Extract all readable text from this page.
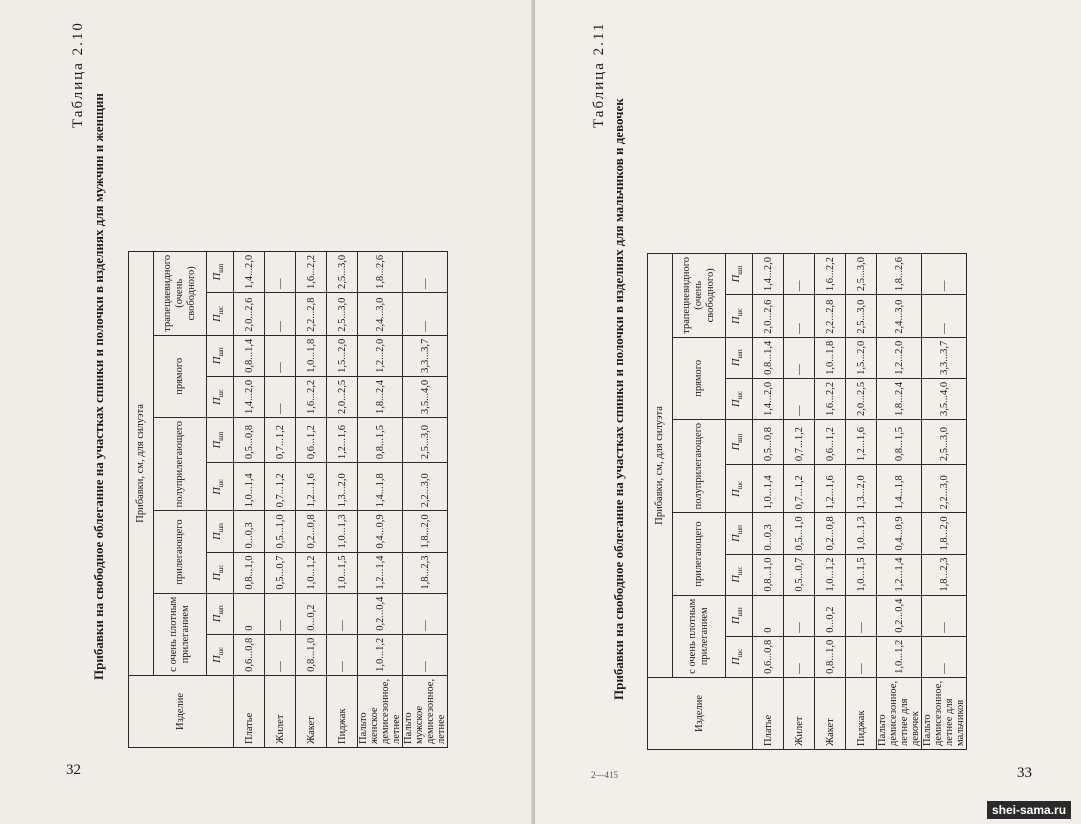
Таблица 2.10
Прибавки на свободное облегание на участках спинки и полочки в изделиях для мужчин и женщин
Изделие	Прибавки, см, для силуэта									
	с очень плотным прилеганием		прилегающего		полуприлегающего		прямого		трапециевидного (очень свободного)	
	$П_{шс}$	$П_{шп}$	$П_{шс}$	$П_{шп}$	$П_{шс}$	$П_{шп}$	$П_{шс}$	$П_{шп}$	$П_{шс}$	$П_{шп}$
Платье	0,6...0,8	0	0,8...1,0	0...0,3	1,0...1,4	0,5...0,8	1,4...2,0	0,8...1,4	2,0...2,6	1,4...2,0
Жилет	—	—	0,5...0,7	0,5...1,0	0,7...1,2	0,7...1,2	—	—	—	—
Жакет	0,8...1,0	0...0,2	1,0...1,2	0,2...0,8	1,2...1,6	0,6...1,2	1,6...2,2	1,0...1,8	2,2...2,8	1,6...2,2
Пиджак	—	—	1,0...1,5	1,0...1,3	1,3...2,0	1,2...1,6	2,0...2,5	1,5...2,0	2,5...3,0	2,5...3,0
Пальто женское демисезонное, летнее	1,0...1,2	0,2...0,4	1,2...1,4	0,4...0,9	1,4...1,8	0,8...1,5	1,8...2,4	1,2...2,0	2,4...3,0	1,8...2,6
Пальто мужское демисезонное, летнее	—	—	1,8...2,3	1,8...2,0	2,2...3,0	2,5...3,0	3,5...4,0	3,3...3,7	—	—
32
Таблица 2.11
Прибавки на свободное облегание на участках спинки и полочки в изделиях для мальчиков и девочек
Изделие	Прибавки, см, для силуэта									
	с очень плотным прилеганием		прилегающего		полуприлегающего		прямого		трапециевидного (очень свободного)	
	$П_{шс}$	$П_{шп}$	$П_{шс}$	$П_{шп}$	$П_{шс}$	$П_{шп}$	$П_{шс}$	$П_{шп}$	$П_{шс}$	$П_{шп}$
Платье	0,6...0,8	0	0,8...1,0	0...0,3	1,0...1,4	0,5...0,8	1,4...2,0	0,8...1,4	2,0...2,6	1,4...2,0
Жилет	—	—	0,5...0,7	0,5...1,0	0,7...1,2	0,7...1,2	—	—	—	—
Жакет	0,8...1,0	0...0,2	1,0...1,2	0,2...0,8	1,2...1,6	0,6...1,2	1,6...2,2	1,0...1,8	2,2...2,8	1,6...2,2
Пиджак	—	—	1,0...1,5	1,0...1,3	1,3...2,0	1,2...1,6	2,0...2,5	1,5...2,0	2,5...3,0	2,5...3,0
Пальто демисезонное, летнее для девочек	1,0...1,2	0,2...0,4	1,2...1,4	0,4...0,9	1,4...1,8	0,8...1,5	1,8...2,4	1,2...2,0	2,4...3,0	1,8...2,6
Пальто демисезонное, летнее для мальчиков	—	—	1,8...2,3	1,8...2,0	2,2...3,0	2,5...3,0	3,5...4,0	3,3...3,7	—	—
2—415	33
shei-sama.ru
